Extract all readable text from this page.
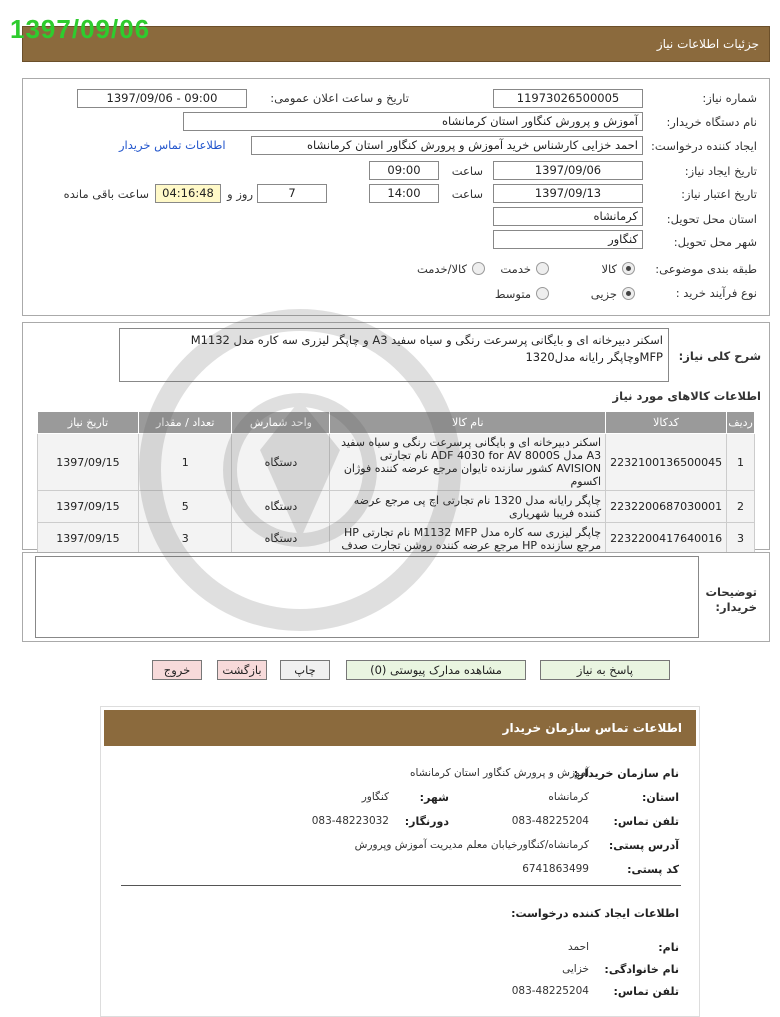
1397/09/06	جزئیات اطلاعات نیاز
شماره نیاز:
1197302650000​5
تاریخ و ساعت اعلان عمومی:
1397/09/06 - 09:00
نام دستگاه خریدار:
آموزش و پرورش کنگاور استان کرمانشاه
ایجاد کننده درخواست:
احمد خزایی کارشناس خرید آموزش و پرورش کنگاور استان کرمانشاه
اطلاعات تماس خریدار
تاریخ ایجاد نیاز:
1397/09/06
ساعت
09:00
تاریخ اعتبار نیاز:
1397/09/13
ساعت
14:00
7
روز و
04:16:48
ساعت باقی مانده
استان محل تحویل:
کرمانشاه
شهر محل تحویل:
کنگاور
طبقه بندی موضوعی:
کالا
خدمت
کالا/خدمت
نوع فرآیند خرید :
جزیی
متوسط
شرح کلی نیاز:
اسکنر دبیرخانه ای و بایگانی پرسرعت رنگی و سیاه سفید A3 و چاپگر لیزری سه کاره مدل M1132
MFPوچاپگر رایانه مدل1320
اطلاعات کالاهای مورد نیاز
ردیف	کدکالا	نام کالا	واحد شمارش	تعداد / مقدار	تاریخ نیاز
1	2232100136500045	اسکنر دبیرخانه ای و بایگانی پرسرعت رنگی و سیاه سفید A3 مدل ADF 4030 for AV 8000S نام تجارتی AVISION کشور سازنده تایوان مرجع عرضه کننده فوژان اکسوم	دستگاه	1	1397/09/15
2	2232200687030001	چاپگر رایانه مدل 1320 نام تجارتی اچ پی مرجع عرضه کننده فریبا شهریاری	دستگاه	5	1397/09/15
3	2232200417640016	چاپگر لیزری سه کاره مدل M1132 MFP نام تجارتی HP مرجع سازنده HP مرجع عرضه کننده روشن تجارت صدف	دستگاه	3	1397/09/15
توضیحات خریدار:
پاسخ به نیاز
مشاهده مدارک پیوستی (0)
چاپ
بازگشت
خروج
اطلاعات تماس سازمان خریدار
نام سازمان خریدار:
آموزش و پرورش کنگاور استان کرمانشاه
استان:
کرمانشاه
شهر:
کنگاور
تلفن تماس:
083-48225204
دورنگار:
083-48223032
آدرس پستی:
کرمانشاه/کنگاورخیابان معلم مدیریت آموزش وپرورش
کد پستی:
6741863499
اطلاعات ایجاد کننده درخواست:
نام:
احمد
نام خانوادگی:
خزایی
تلفن تماس:
083-48225204
